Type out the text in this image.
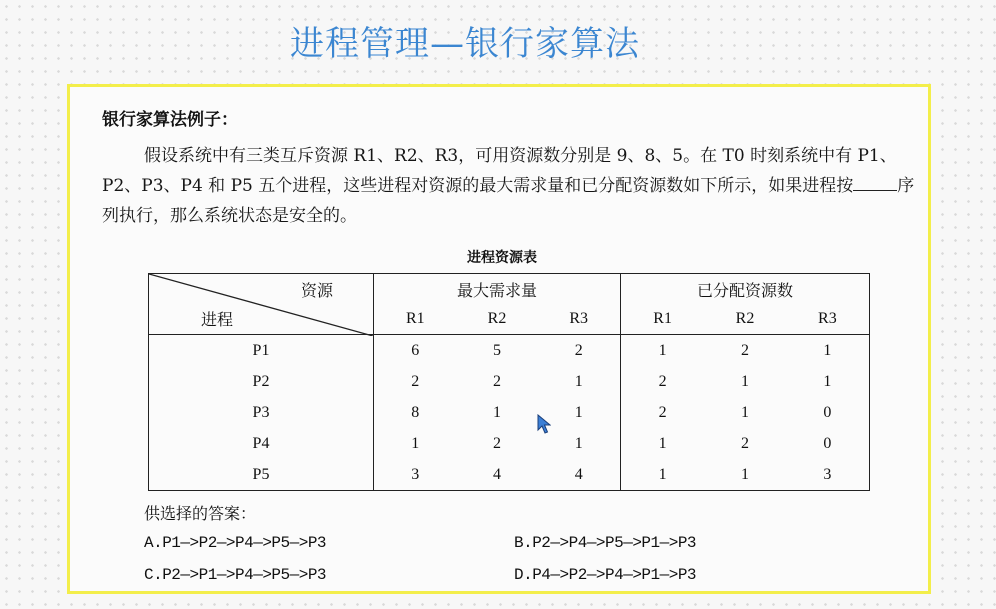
进程管理—银行家算法
银行家算法例子：
假设系统中有三类互斥资源 R1、R2、R3，可用资源数分别是 9、8、5。在 T0 时刻系统中有 P1、P2、P3、P4 和 P5 五个进程，这些进程对资源的最大需求量和已分配资源数如下所示，如果进程按	序列执行，那么系统状态是安全的。
进程资源表
资源
进程	最大需求量			已分配资源数		
	R1	R2	R3	R1	R2	R3
P1	6	5	2	1	2	1
P2	2	2	1	2	1	1
P3	8	1	1	2	1	0
P4	1	2	1	1	2	0
P5	3	4	4	1	1	3
供选择的答案：
A.P1—>P2—>P4—>P5—>P3	B.P2—>P4—>P5—>P1—>P3
C.P2—>P1—>P4—>P5—>P3	D.P4—>P2—>P4—>P1—>P3
